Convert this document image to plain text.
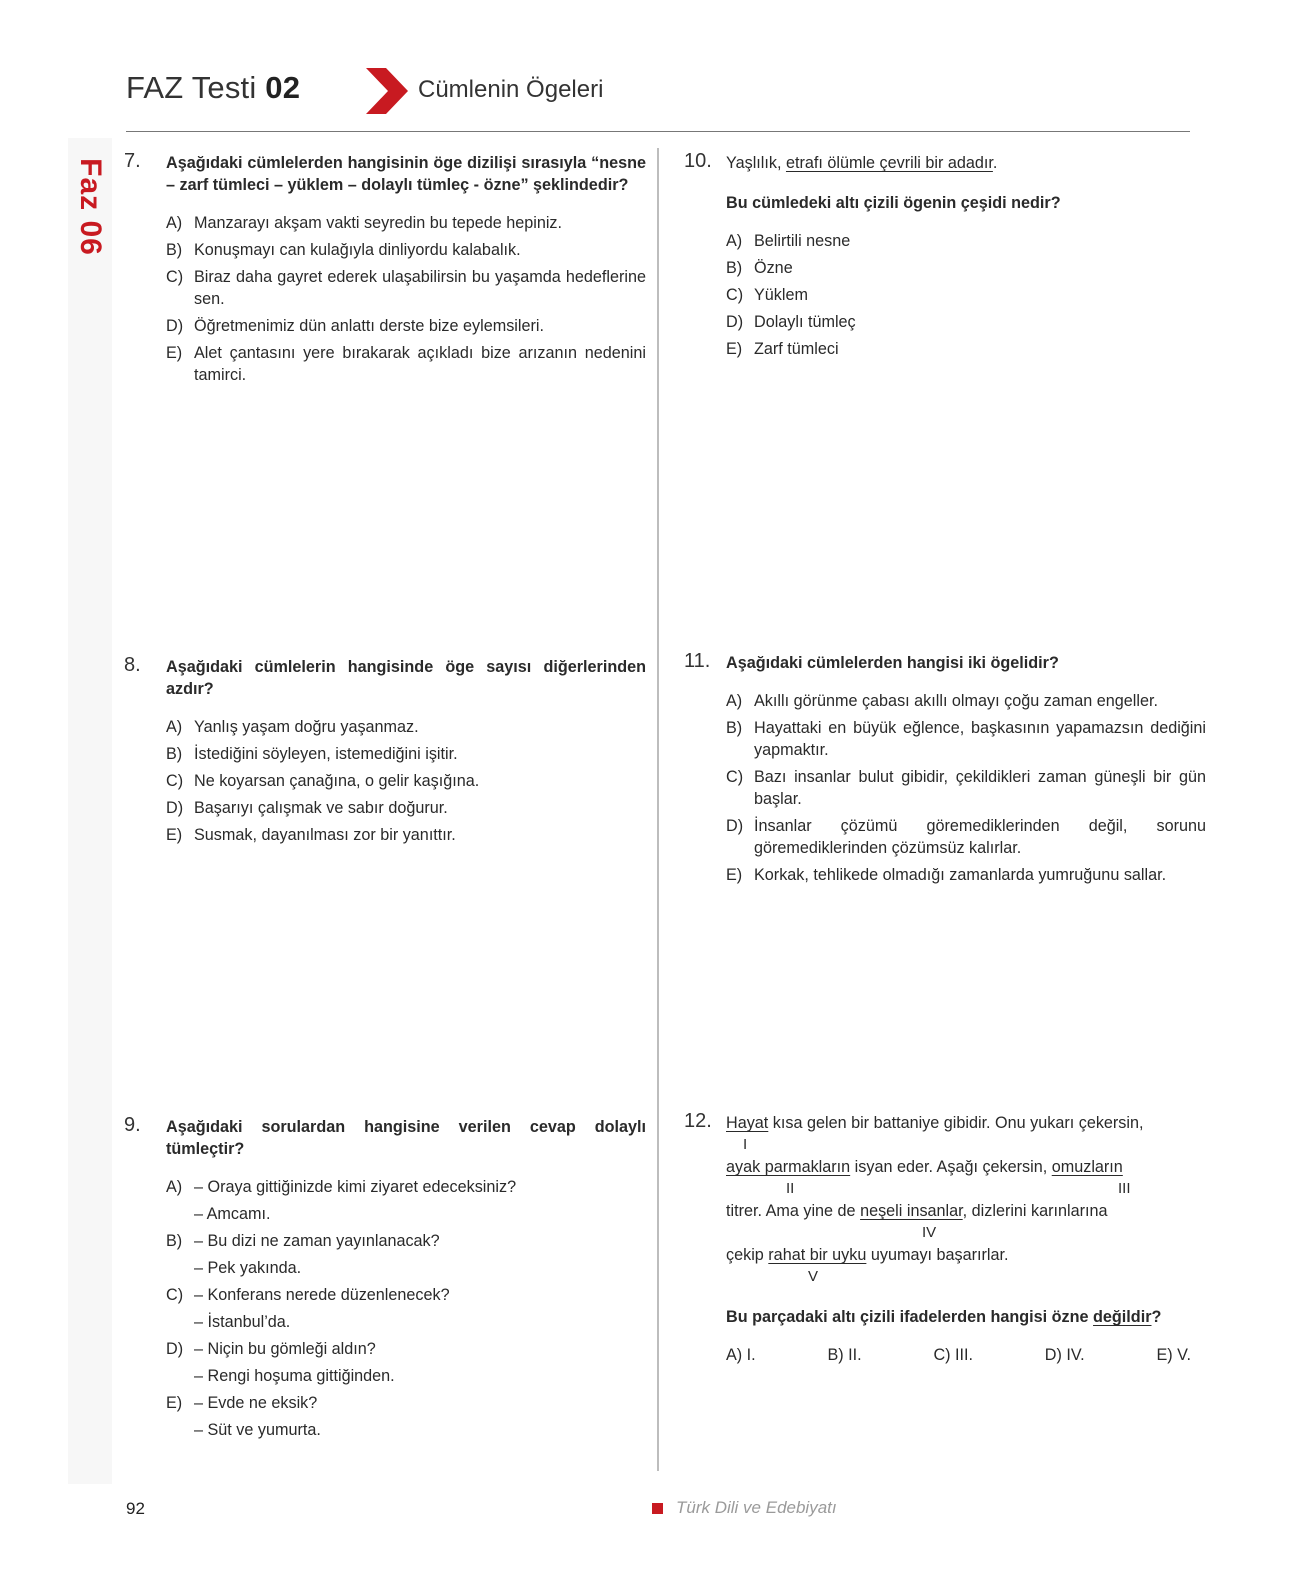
FAZ Testi 02	Cümlenin Ögeleri
Faz 06 7. Aşağıdaki cümlelerden hangisinin öge dizilişi sırasıyla “nesne – zarf tümleci – yüklem – dolaylı tümleç - özne” şeklindedir?
A) Manzarayı akşam vakti seyredin bu tepede hepiniz.
B) Konuşmayı can kulağıyla dinliyordu kalabalık.
C) Biraz daha gayret ederek ulaşabilirsin bu yaşamda hedeflerine sen.
D) Öğretmenimiz dün anlattı derste bize eylemsileri.
E) Alet çantasını yere bırakarak açıkladı bize arızanın nedenini tamirci.
8. Aşağıdaki cümlelerin hangisinde öge sayısı diğerlerinden azdır?
A) Yanlış yaşam doğru yaşanmaz.
B) İstediğini söyleyen, istemediğini işitir.
C) Ne koyarsan çanağına, o gelir kaşığına.
D) Başarıyı çalışmak ve sabır doğurur.
E) Susmak, dayanılması zor bir yanıttır.
9. Aşağıdaki sorulardan hangisine verilen cevap dolaylı tümleçtir?
A) – Oraya gittiğinizde kimi ziyaret edeceksiniz?
– Amcamı.
B) – Bu dizi ne zaman yayınlanacak?
– Pek yakında.
C) – Konferans nerede düzenlenecek?
– İstanbul’da.
D) – Niçin bu gömleği aldın?
– Rengi hoşuma gittiğinden.
E) – Evde ne eksik?
– Süt ve yumurta.
10. Yaşlılık, etrafı ölümle çevrili bir adadır.
Bu cümledeki altı çizili ögenin çeşidi nedir?
A) Belirtili nesne
B) Özne
C) Yüklem
D) Dolaylı tümleç
E) Zarf tümleci
11. Aşağıdaki cümlelerden hangisi iki ögelidir?
A) Akıllı görünme çabası akıllı olmayı çoğu zaman engeller.
B) Hayattaki en büyük eğlence, başkasının yapamazsın dediğini yapmaktır.
C) Bazı insanlar bulut gibidir, çekildikleri zaman güneşli bir gün başlar.
D) İnsanlar çözümü göremediklerinden değil, sorunu göremediklerinden çözümsüz kalırlar.
E) Korkak, tehlikede olmadığı zamanlarda yumruğunu sallar.
12. Hayat kısa gelen bir battaniye gibidir. Onu yukarı çekersin,
I
ayak parmakların isyan eder. Aşağı çekersin, omuzların
II	III
titrer. Ama yine de neşeli insanlar, dizlerini karınlarına
IV
çekip rahat bir uyku uyumayı başarırlar.
V
Bu parçadaki altı çizili ifadelerden hangisi özne değildir?
A) I.	B) II.	C) III.	D) IV.	E) V.
92	Türk Dili ve Edebiyatı
